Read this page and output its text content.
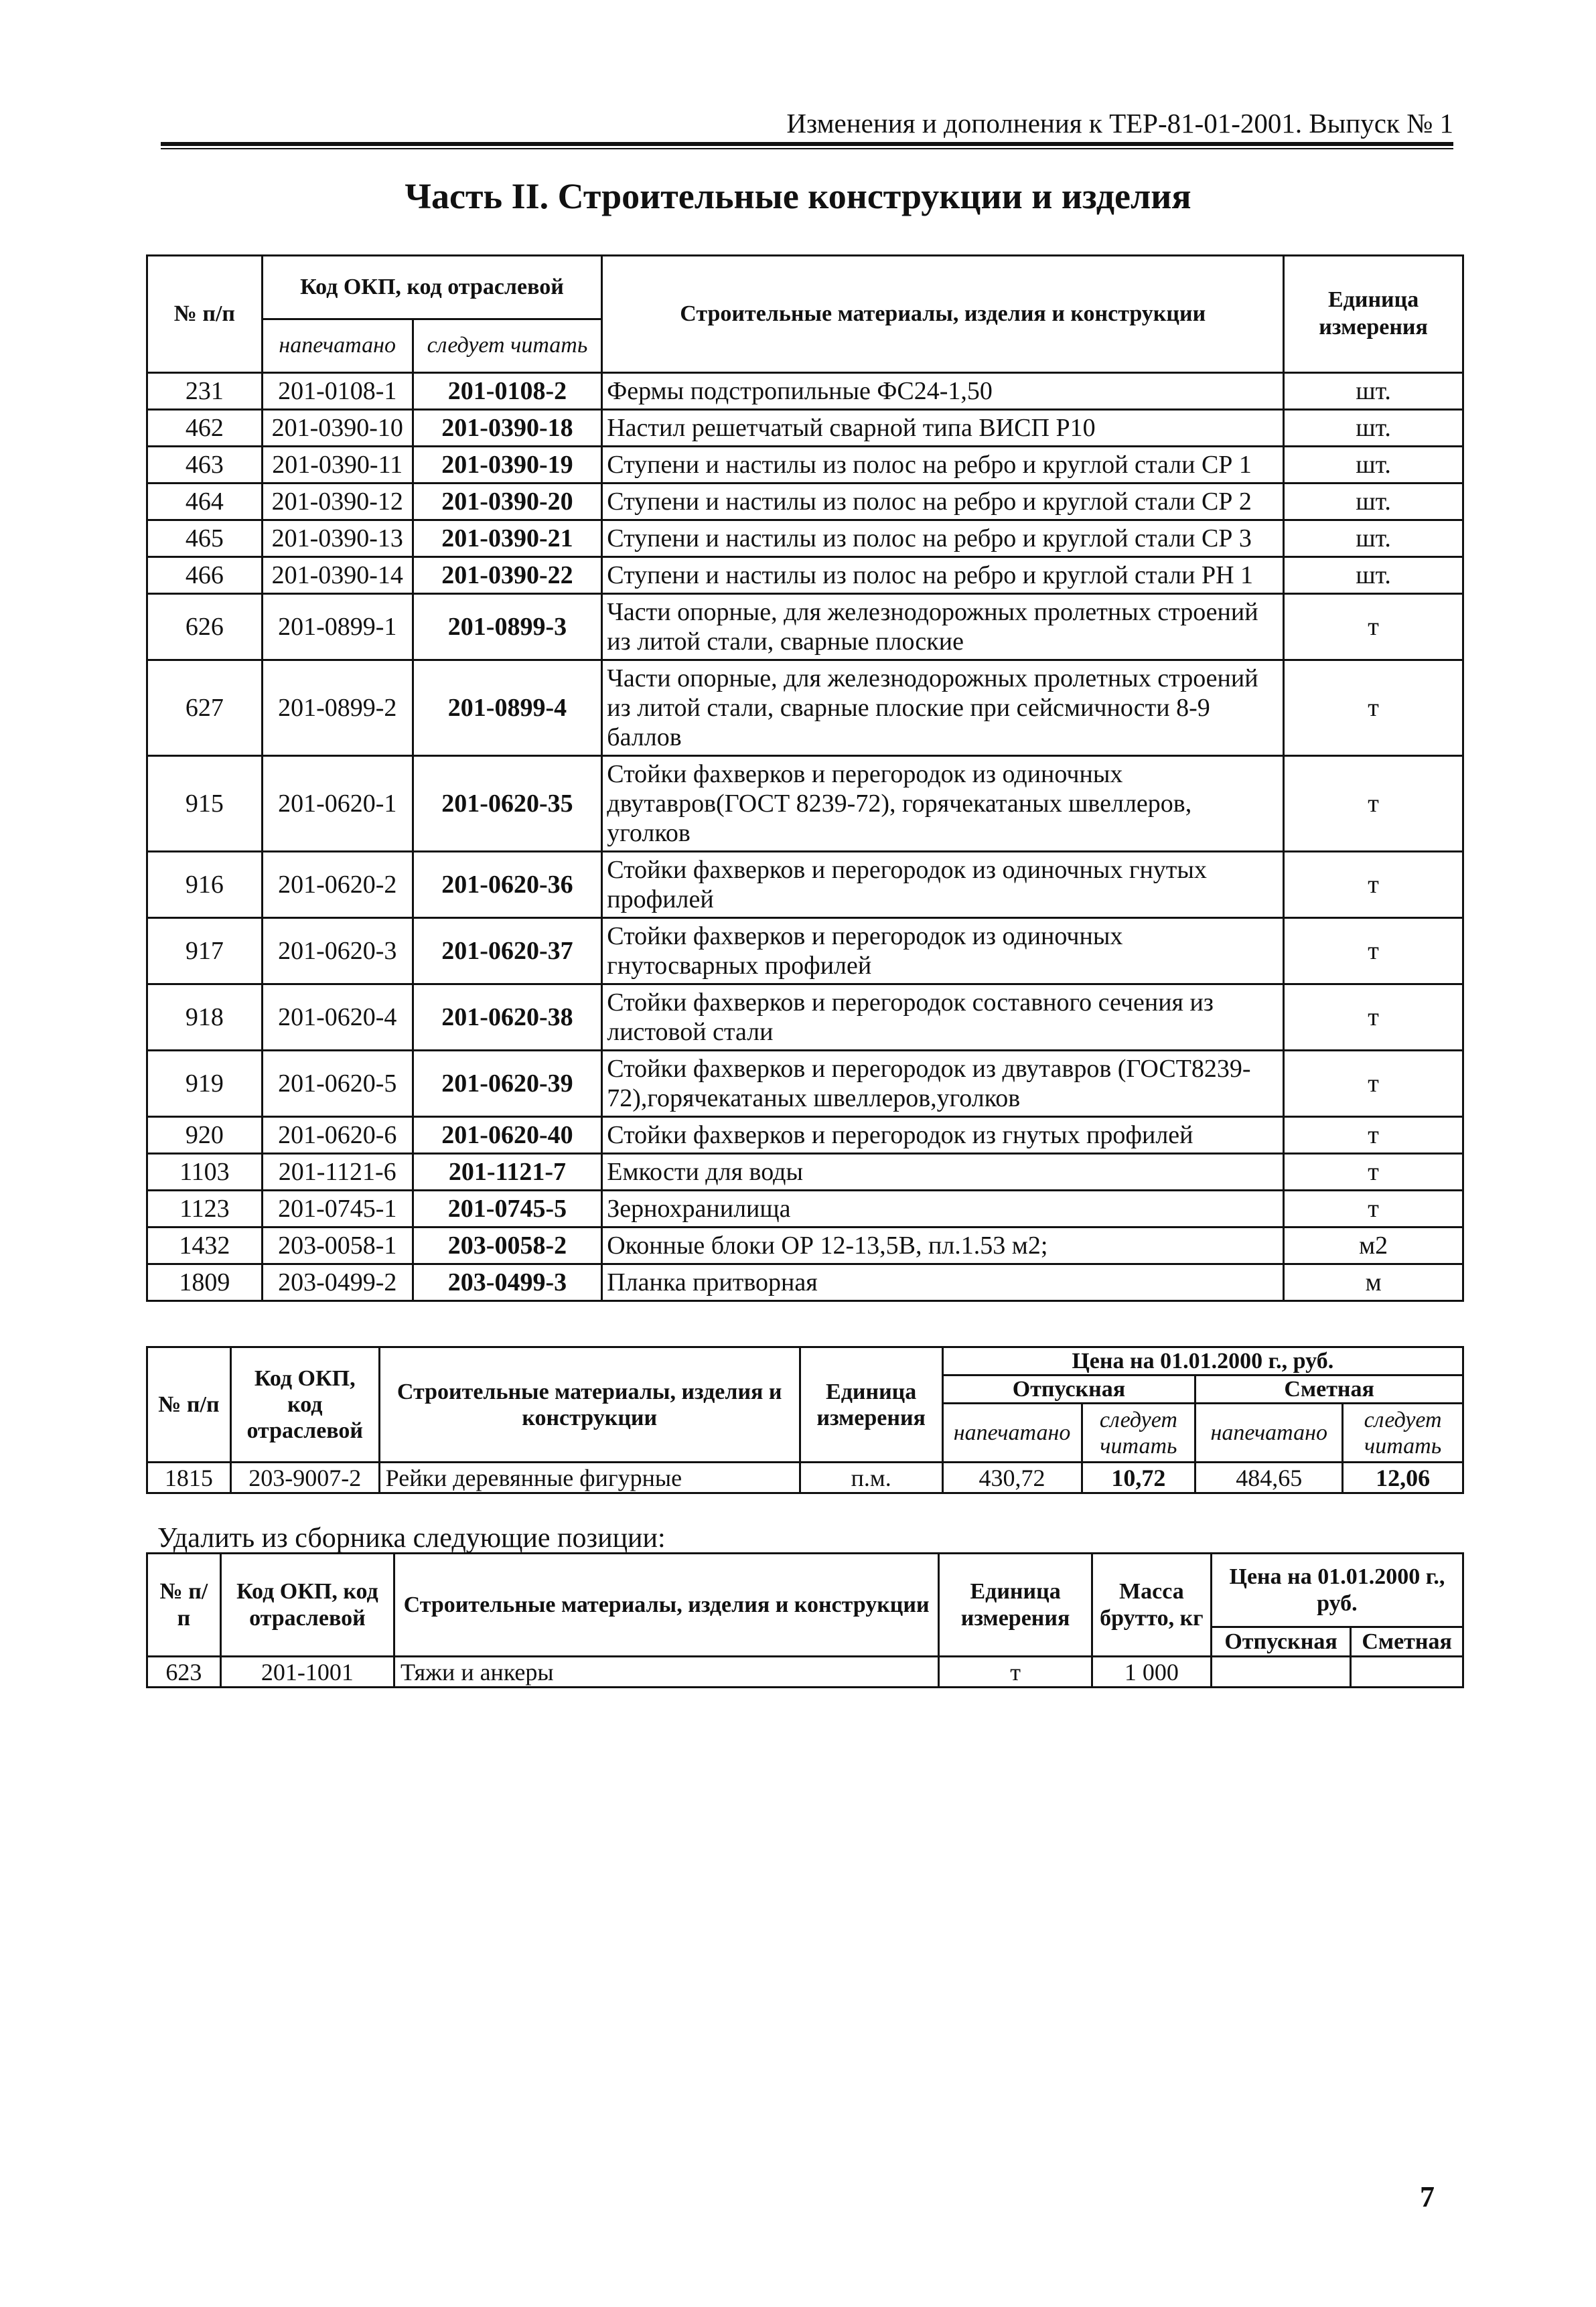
Изменения и дополнения к ТЕР-81-01-2001. Выпуск № 1
Часть II. Строительные конструкции и изделия
№ п/п	Код ОКП, код отраслевой		Строительные материалы, изделия и конструкции	Единица измерения
	напечатано	следует читать		
231	201-0108-1	201-0108-2	Фермы подстропильные ФС24-1,50	шт.
462	201-0390-10	201-0390-18	Настил решетчатый сварной типа ВИСП Р10	шт.
463	201-0390-11	201-0390-19	Ступени и настилы из полос на ребро и круглой стали СР 1	шт.
464	201-0390-12	201-0390-20	Ступени и настилы из полос на ребро и круглой стали СР 2	шт.
465	201-0390-13	201-0390-21	Ступени и настилы из полос на ребро и круглой стали СР 3	шт.
466	201-0390-14	201-0390-22	Ступени и настилы из полос на ребро и круглой стали РН 1	шт.
626	201-0899-1	201-0899-3	Части опорные, для железнодорожных пролетных строений из литой стали, сварные плоские	т
627	201-0899-2	201-0899-4	Части опорные, для железнодорожных пролетных строений из литой стали, сварные плоские при сейсмичности 8-9 баллов	т
915	201-0620-1	201-0620-35	Стойки фахверков и перегородок из одиночных двутавров(ГОСТ 8239-72), горячекатаных швеллеров, уголков	т
916	201-0620-2	201-0620-36	Стойки фахверков и перегородок из одиночных гнутых профилей	т
917	201-0620-3	201-0620-37	Стойки фахверков и перегородок из одиночных гнутосварных профилей	т
918	201-0620-4	201-0620-38	Стойки фахверков и перегородок составного сечения из листовой стали	т
919	201-0620-5	201-0620-39	Стойки фахверков и перегородок из двутавров (ГОСТ8239-72),горячекатаных швеллеров,уголков	т
920	201-0620-6	201-0620-40	Стойки фахверков и перегородок из гнутых профилей	т
1103	201-1121-6	201-1121-7	Емкости для воды	т
1123	201-0745-1	201-0745-5	Зернохранилища	т
1432	203-0058-1	203-0058-2	Оконные блоки ОР 12-13,5В, пл.1.53 м2;	м2
1809	203-0499-2	203-0499-3	Планка притворная	м
№ п/п	Код ОКП, код отраслевой	Строительные материалы, изделия и конструкции	Единица измерения	Цена на 01.01.2000 г., руб.			
				Отпускная		Сметная	
				напечатано	следует читать	напечатано	следует читать
1815	203-9007-2	Рейки деревянные фигурные	п.м.	430,72	10,72	484,65	12,06
Удалить из сборника следующие позиции:
№ п/п	Код ОКП, код отраслевой	Строительные материалы, изделия и конструкции	Единица измерения	Масса брутто, кг	Цена на 01.01.2000 г., руб.	
					Отпускная	Сметная
623	201-1001	Тяжи и анкеры	т	1 000		
7
